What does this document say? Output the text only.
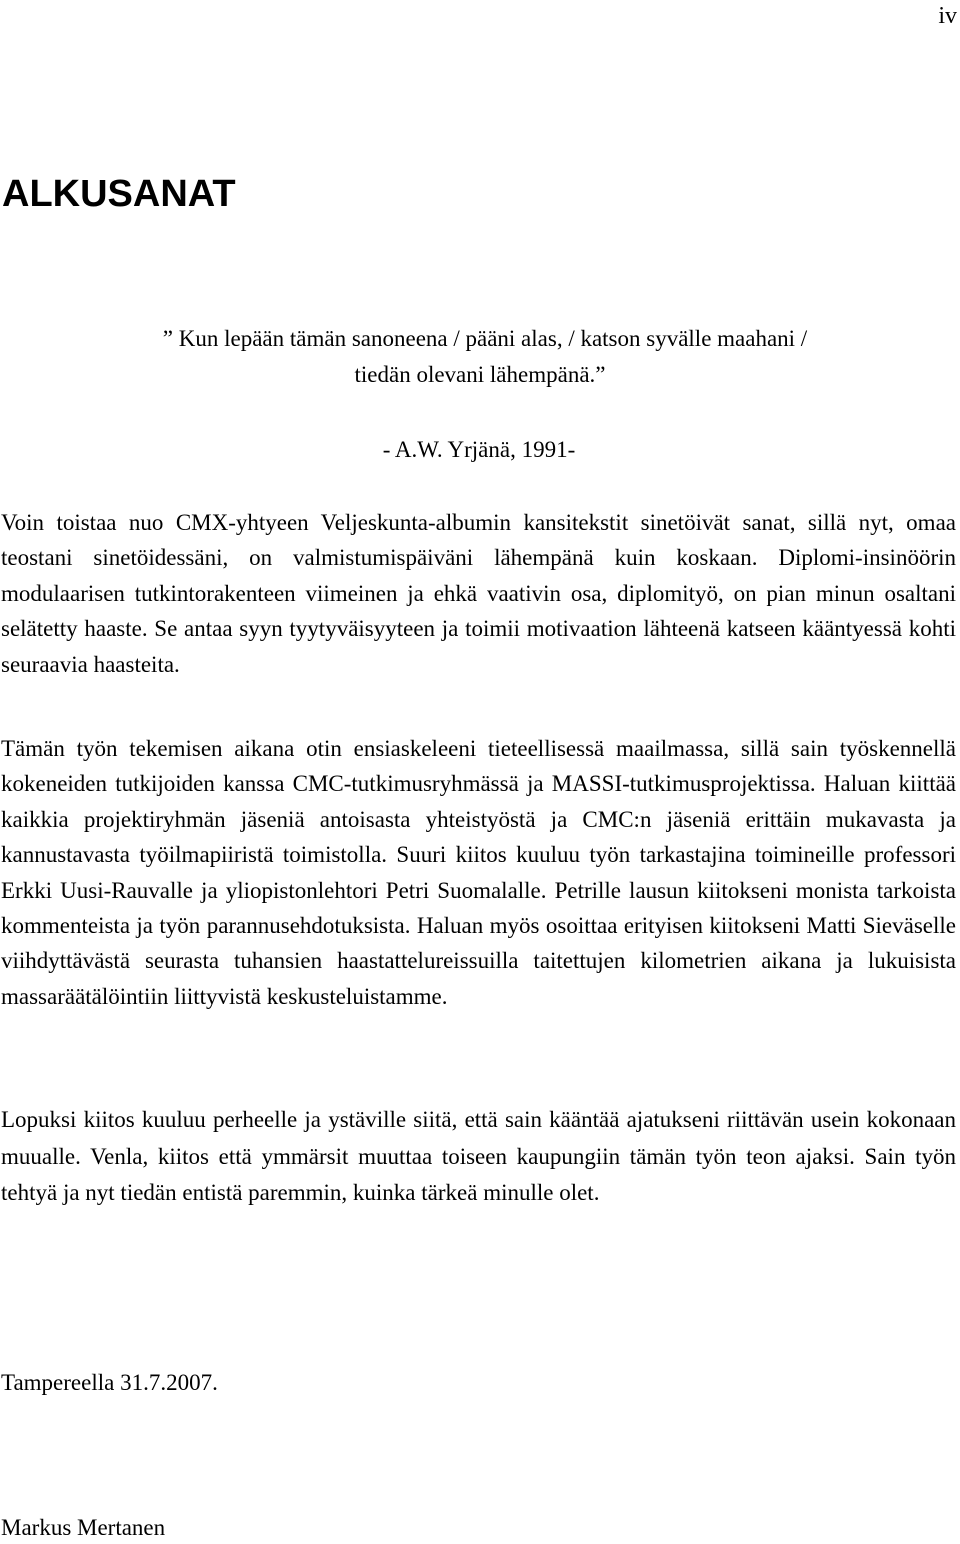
iv
ALKUSANAT
” Kun lepään tämän sanoneena / pääni alas, / katson syvälle maahani /
tiedän olevani lähempänä.”
- A.W. Yrjänä, 1991-

Voin toistaa nuo CMX-yhtyeen Veljeskunta-albumin kansitekstit sinetöivät sanat, sillä nyt, omaa teostani sinetöidessäni, on valmistumispäiväni lähempänä kuin koskaan. Diplomi-insinöörin modulaarisen tutkintorakenteen viimeinen ja ehkä vaativin osa, diplomityö, on pian minun osaltani selätetty haaste. Se antaa syyn tyytyväisyyteen ja toimii motivaation lähteenä katseen kääntyessä kohti seuraavia haasteita.

Tämän työn tekemisen aikana otin ensiaskeleeni tieteellisessä maailmassa, sillä sain työskennellä kokeneiden tutkijoiden kanssa CMC-tutkimusryhmässä ja MASSI-tutkimusprojektissa. Haluan kiittää kaikkia projektiryhmän jäseniä antoisasta yhteistyöstä ja CMC:n jäseniä erittäin mukavasta ja kannustavasta työilmapiiristä toimistolla. Suuri kiitos kuuluu työn tarkastajina toimineille professori Erkki Uusi-Rauvalle ja yliopistonlehtori Petri Suomalalle. Petrille lausun kiitokseni monista tarkoista kommenteista ja työn parannusehdotuksista. Haluan myös osoittaa erityisen kiitokseni Matti Sieväselle viihdyttävästä seurasta tuhansien haastattelureissuilla taitettujen kilometrien aikana ja lukuisista massaräätälöintiin liittyvistä keskusteluistamme.

Lopuksi kiitos kuuluu perheelle ja ystäville siitä, että sain kääntää ajatukseni riittävän usein kokonaan muualle. Venla, kiitos että ymmärsit muuttaa toiseen kaupungiin tämän työn teon ajaksi. Sain työn tehtyä ja nyt tiedän entistä paremmin, kuinka tärkeä minulle olet.

Tampereella 31.7.2007.
Markus Mertanen
